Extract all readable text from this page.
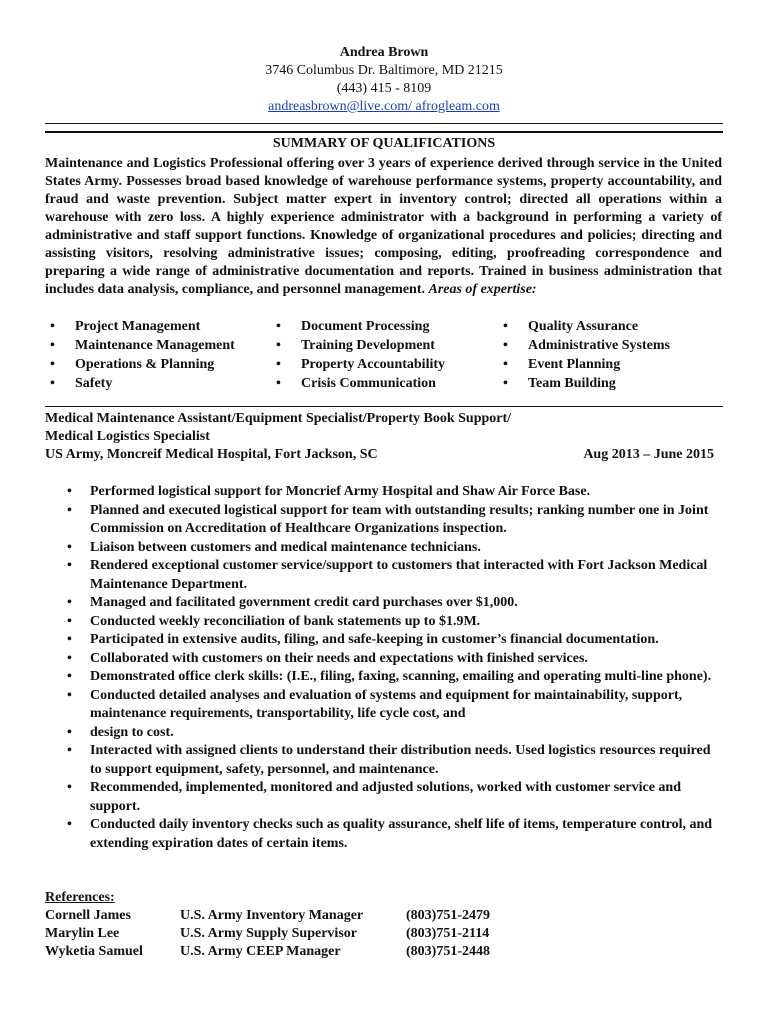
Andrea Brown
3746 Columbus Dr. Baltimore, MD 21215
(443) 415 - 8109
andreasbrown@live.com/ afrogleam.com
SUMMARY OF QUALIFICATIONS
Maintenance and Logistics Professional offering over 3 years of experience derived through service in the United States Army. Possesses broad based knowledge of warehouse performance systems, property accountability, and fraud and waste prevention. Subject matter expert in inventory control; directed all operations within a warehouse with zero loss. A highly experience administrator with a background in performing a variety of administrative and staff support functions. Knowledge of organizational procedures and policies; directing and assisting visitors, resolving administrative issues; composing, editing, proofreading correspondence and preparing a wide range of administrative documentation and reports. Trained in business administration that includes data analysis, compliance, and personnel management. Areas of expertise:
• Project Management
• Maintenance Management
• Operations & Planning
• Safety
• Document Processing
• Training Development
• Property Accountability
• Crisis Communication
• Quality Assurance
• Administrative Systems
• Event Planning
• Team Building
Medical Maintenance Assistant/Equipment Specialist/Property Book Support/
Medical Logistics Specialist
US Army, Moncreif Medical Hospital, Fort Jackson, SC	Aug 2013 – June 2015
• Performed logistical support for Moncrief Army Hospital and Shaw Air Force Base.
• Planned and executed logistical support for team with outstanding results; ranking number one in Joint Commission on Accreditation of Healthcare Organizations inspection.
• Liaison between customers and medical maintenance technicians.
• Rendered exceptional customer service/support to customers that interacted with Fort Jackson Medical Maintenance Department.
• Managed and facilitated government credit card purchases over $1,000.
• Conducted weekly reconciliation of bank statements up to $1.9M.
• Participated in extensive audits, filing, and safe-keeping in customer’s financial documentation.
• Collaborated with customers on their needs and expectations with finished services.
• Demonstrated office clerk skills: (I.E., filing, faxing, scanning, emailing and operating multi-line phone).
• Conducted detailed analyses and evaluation of systems and equipment for maintainability, support, maintenance requirements, transportability, life cycle cost, and
• design to cost.
• Interacted with assigned clients to understand their distribution needs. Used logistics resources required to support equipment, safety, personnel, and maintenance.
• Recommended, implemented, monitored and adjusted solutions, worked with customer service and support.
• Conducted daily inventory checks such as quality assurance, shelf life of items, temperature control, and extending expiration dates of certain items.
References:
Cornell James	U.S. Army Inventory Manager	(803)751-2479
Marylin Lee	U.S. Army Supply Supervisor	(803)751-2114
Wyketia Samuel	U.S. Army CEEP Manager	(803)751-2448
